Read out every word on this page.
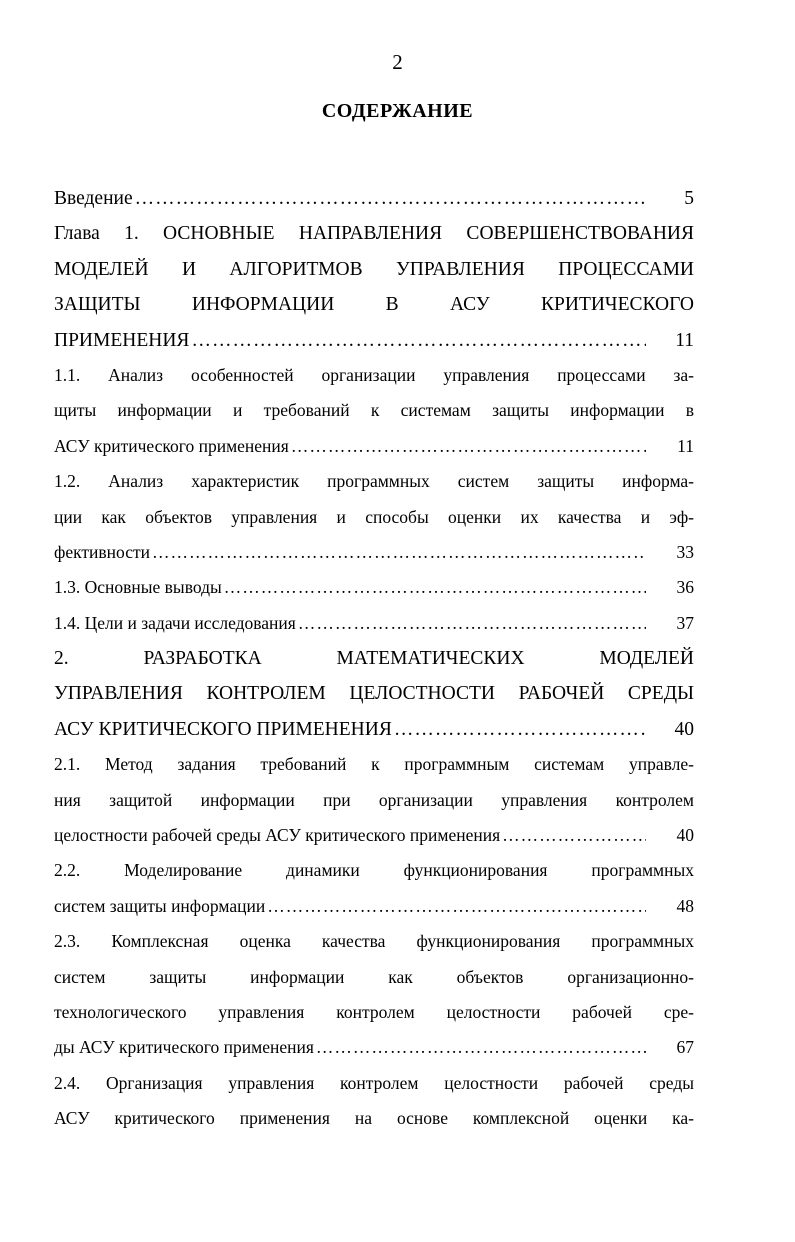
2
СОДЕРЖАНИЕ
Введение ……………………………………………………………………………………………………………………………………………………………………	5
Глава 1. ОСНОВНЫЕ НАПРАВЛЕНИЯ СОВЕРШЕНСТВОВАНИЯ
МОДЕЛЕЙ И АЛГОРИТМОВ УПРАВЛЕНИЯ ПРОЦЕССАМИ
ЗАЩИТЫ ИНФОРМАЦИИ В АСУ КРИТИЧЕСКОГО
ПРИМЕНЕНИЯ ……………………………………………………………………………………………………………………………………………………………………	11
1.1. Анализ особенностей организации управления процессами за-
щиты информации и требований к системам защиты информации в
АСУ критического применения ……………………………………………………………………………………………………………………………………………………………………	11
1.2. Анализ характеристик программных систем защиты информа-
ции как объектов управления и способы оценки их качества и эф-
фективности ……………………………………………………………………………………………………………………………………………………………………	33
1.3. Основные выводы ……………………………………………………………………………………………………………………………………………………………………	36
1.4. Цели и задачи исследования ……………………………………………………………………………………………………………………………………………………………………	37
2. РАЗРАБОТКА МАТЕМАТИЧЕСКИХ МОДЕЛЕЙ
УПРАВЛЕНИЯ КОНТРОЛЕМ ЦЕЛОСТНОСТИ РАБОЧЕЙ СРЕДЫ
АСУ КРИТИЧЕСКОГО ПРИМЕНЕНИЯ ……………………………………………………………………………………………………………………………………………………………………	40
2.1. Метод задания требований к программным системам управле-
ния защитой информации при организации управления контролем
целостности рабочей среды АСУ критического применения ……………………………………………………………………………………………………………………………………………………………………	40
2.2. Моделирование динамики функционирования программных
систем защиты информации ……………………………………………………………………………………………………………………………………………………………………	48
2.3. Комплексная оценка качества функционирования программных
систем защиты информации как объектов организационно-
технологического управления контролем целостности рабочей сре-
ды АСУ критического применения ……………………………………………………………………………………………………………………………………………………………………	67
2.4. Организация управления контролем целостности рабочей среды
АСУ критического применения на основе комплексной оценки ка-
